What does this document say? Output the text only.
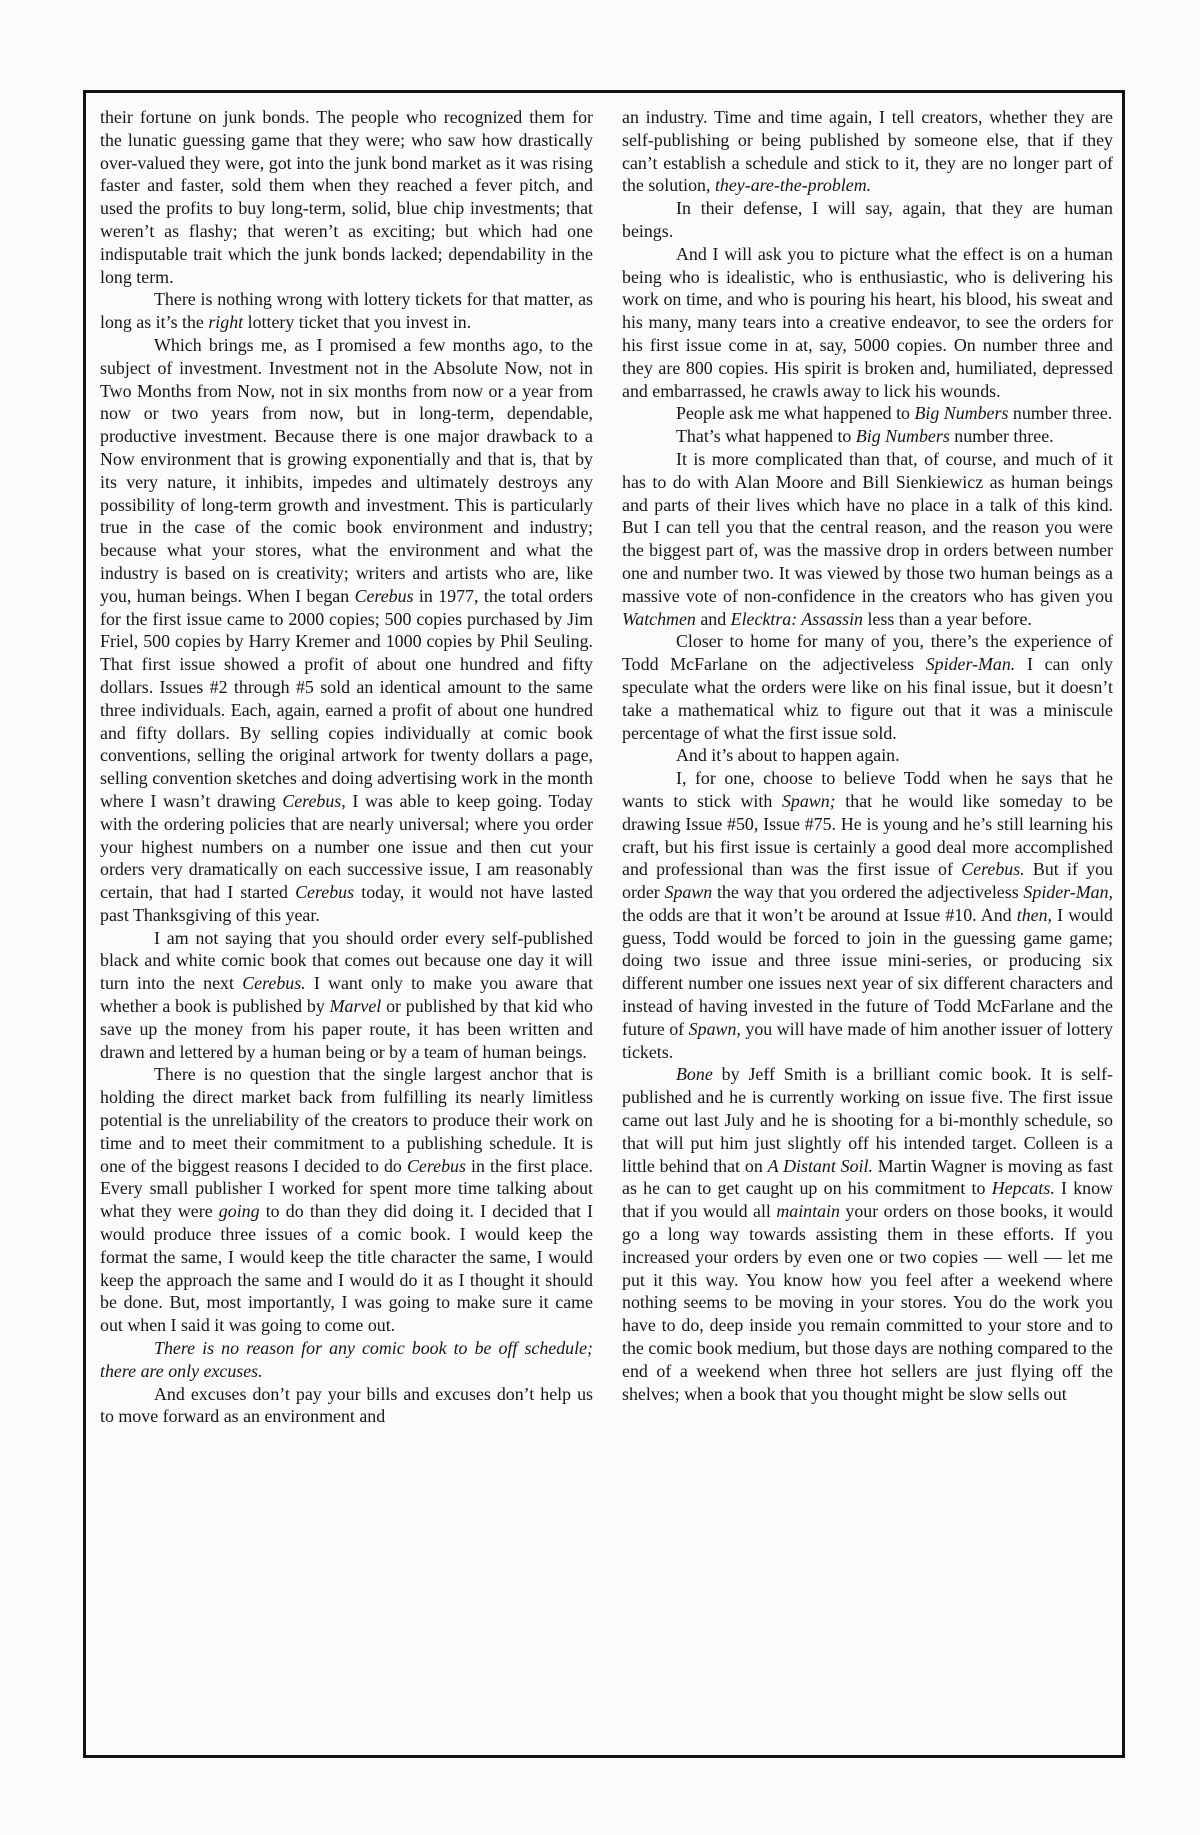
their fortune on junk bonds. The people who recognized them for the lunatic guessing game that they were; who saw how drastically over-valued they were, got into the junk bond market as it was rising faster and faster, sold them when they reached a fever pitch, and used the profits to buy long-term, solid, blue chip investments; that weren’t as flashy; that weren’t as exciting; but which had one indisputable trait which the junk bonds lacked; dependability in the long term.

There is nothing wrong with lottery tickets for that matter, as long as it’s the right lottery ticket that you invest in.

Which brings me, as I promised a few months ago, to the subject of investment. Investment not in the Absolute Now, not in Two Months from Now, not in six months from now or a year from now or two years from now, but in long-term, dependable, productive investment. Because there is one major drawback to a Now environment that is growing exponentially and that is, that by its very nature, it inhibits, impedes and ultimately destroys any possibility of long-term growth and investment. This is particularly true in the case of the comic book environment and industry; because what your stores, what the environment and what the industry is based on is creativity; writers and artists who are, like you, human beings. When I began Cerebus in 1977, the total orders for the first issue came to 2000 copies; 500 copies purchased by Jim Friel, 500 copies by Harry Kremer and 1000 copies by Phil Seuling. That first issue showed a profit of about one hundred and fifty dollars. Issues #2 through #5 sold an identical amount to the same three individuals. Each, again, earned a profit of about one hundred and fifty dollars. By selling copies individually at comic book conventions, selling the original artwork for twenty dollars a page, selling convention sketches and doing advertising work in the month where I wasn’t drawing Cerebus, I was able to keep going. Today with the ordering policies that are nearly universal; where you order your highest numbers on a number one issue and then cut your orders very dramatically on each successive issue, I am reasonably certain, that had I started Cerebus today, it would not have lasted past Thanksgiving of this year.

I am not saying that you should order every self-published black and white comic book that comes out because one day it will turn into the next Cerebus. I want only to make you aware that whether a book is published by Marvel or published by that kid who save up the money from his paper route, it has been written and drawn and lettered by a human being or by a team of human beings.

There is no question that the single largest anchor that is holding the direct market back from fulfilling its nearly limitless potential is the unreliability of the creators to produce their work on time and to meet their commitment to a publishing schedule. It is one of the biggest reasons I decided to do Cerebus in the first place. Every small publisher I worked for spent more time talking about what they were going to do than they did doing it. I decided that I would produce three issues of a comic book. I would keep the format the same, I would keep the title character the same, I would keep the approach the same and I would do it as I thought it should be done. But, most importantly, I was going to make sure it came out when I said it was going to come out.

There is no reason for any comic book to be off schedule; there are only excuses.

And excuses don’t pay your bills and excuses don’t help us to move forward as an environment and

an industry. Time and time again, I tell creators, whether they are self-publishing or being published by someone else, that if they can’t establish a schedule and stick to it, they are no longer part of the solution, they-are-the-problem.

In their defense, I will say, again, that they are human beings.

And I will ask you to picture what the effect is on a human being who is idealistic, who is enthusiastic, who is delivering his work on time, and who is pouring his heart, his blood, his sweat and his many, many tears into a creative endeavor, to see the orders for his first issue come in at, say, 5000 copies. On number three and they are 800 copies. His spirit is broken and, humiliated, depressed and embarrassed, he crawls away to lick his wounds.

People ask me what happened to Big Numbers number three.

That’s what happened to Big Numbers number three.

It is more complicated than that, of course, and much of it has to do with Alan Moore and Bill Sienkiewicz as human beings and parts of their lives which have no place in a talk of this kind. But I can tell you that the central reason, and the reason you were the biggest part of, was the massive drop in orders between number one and number two. It was viewed by those two human beings as a massive vote of non-confidence in the creators who has given you Watchmen and Elecktra: Assassin less than a year before.

Closer to home for many of you, there’s the experience of Todd McFarlane on the adjectiveless Spider-Man. I can only speculate what the orders were like on his final issue, but it doesn’t take a mathematical whiz to figure out that it was a miniscule percentage of what the first issue sold.

And it’s about to happen again.

I, for one, choose to believe Todd when he says that he wants to stick with Spawn; that he would like someday to be drawing Issue #50, Issue #75. He is young and he’s still learning his craft, but his first issue is certainly a good deal more accomplished and professional than was the first issue of Cerebus. But if you order Spawn the way that you ordered the adjectiveless Spider-Man, the odds are that it won’t be around at Issue #10. And then, I would guess, Todd would be forced to join in the guessing game game; doing two issue and three issue mini-series, or producing six different number one issues next year of six different characters and instead of having invested in the future of Todd McFarlane and the future of Spawn, you will have made of him another issuer of lottery tickets.

Bone by Jeff Smith is a brilliant comic book. It is self-published and he is currently working on issue five. The first issue came out last July and he is shooting for a bi-monthly schedule, so that will put him just slightly off his intended target. Colleen is a little behind that on A Distant Soil. Martin Wagner is moving as fast as he can to get caught up on his commitment to Hepcats. I know that if you would all maintain your orders on those books, it would go a long way towards assisting them in these efforts. If you increased your orders by even one or two copies — well — let me put it this way. You know how you feel after a weekend where nothing seems to be moving in your stores. You do the work you have to do, deep inside you remain committed to your store and to the comic book medium, but those days are nothing compared to the end of a weekend when three hot sellers are just flying off the shelves; when a book that you thought might be slow sells out
